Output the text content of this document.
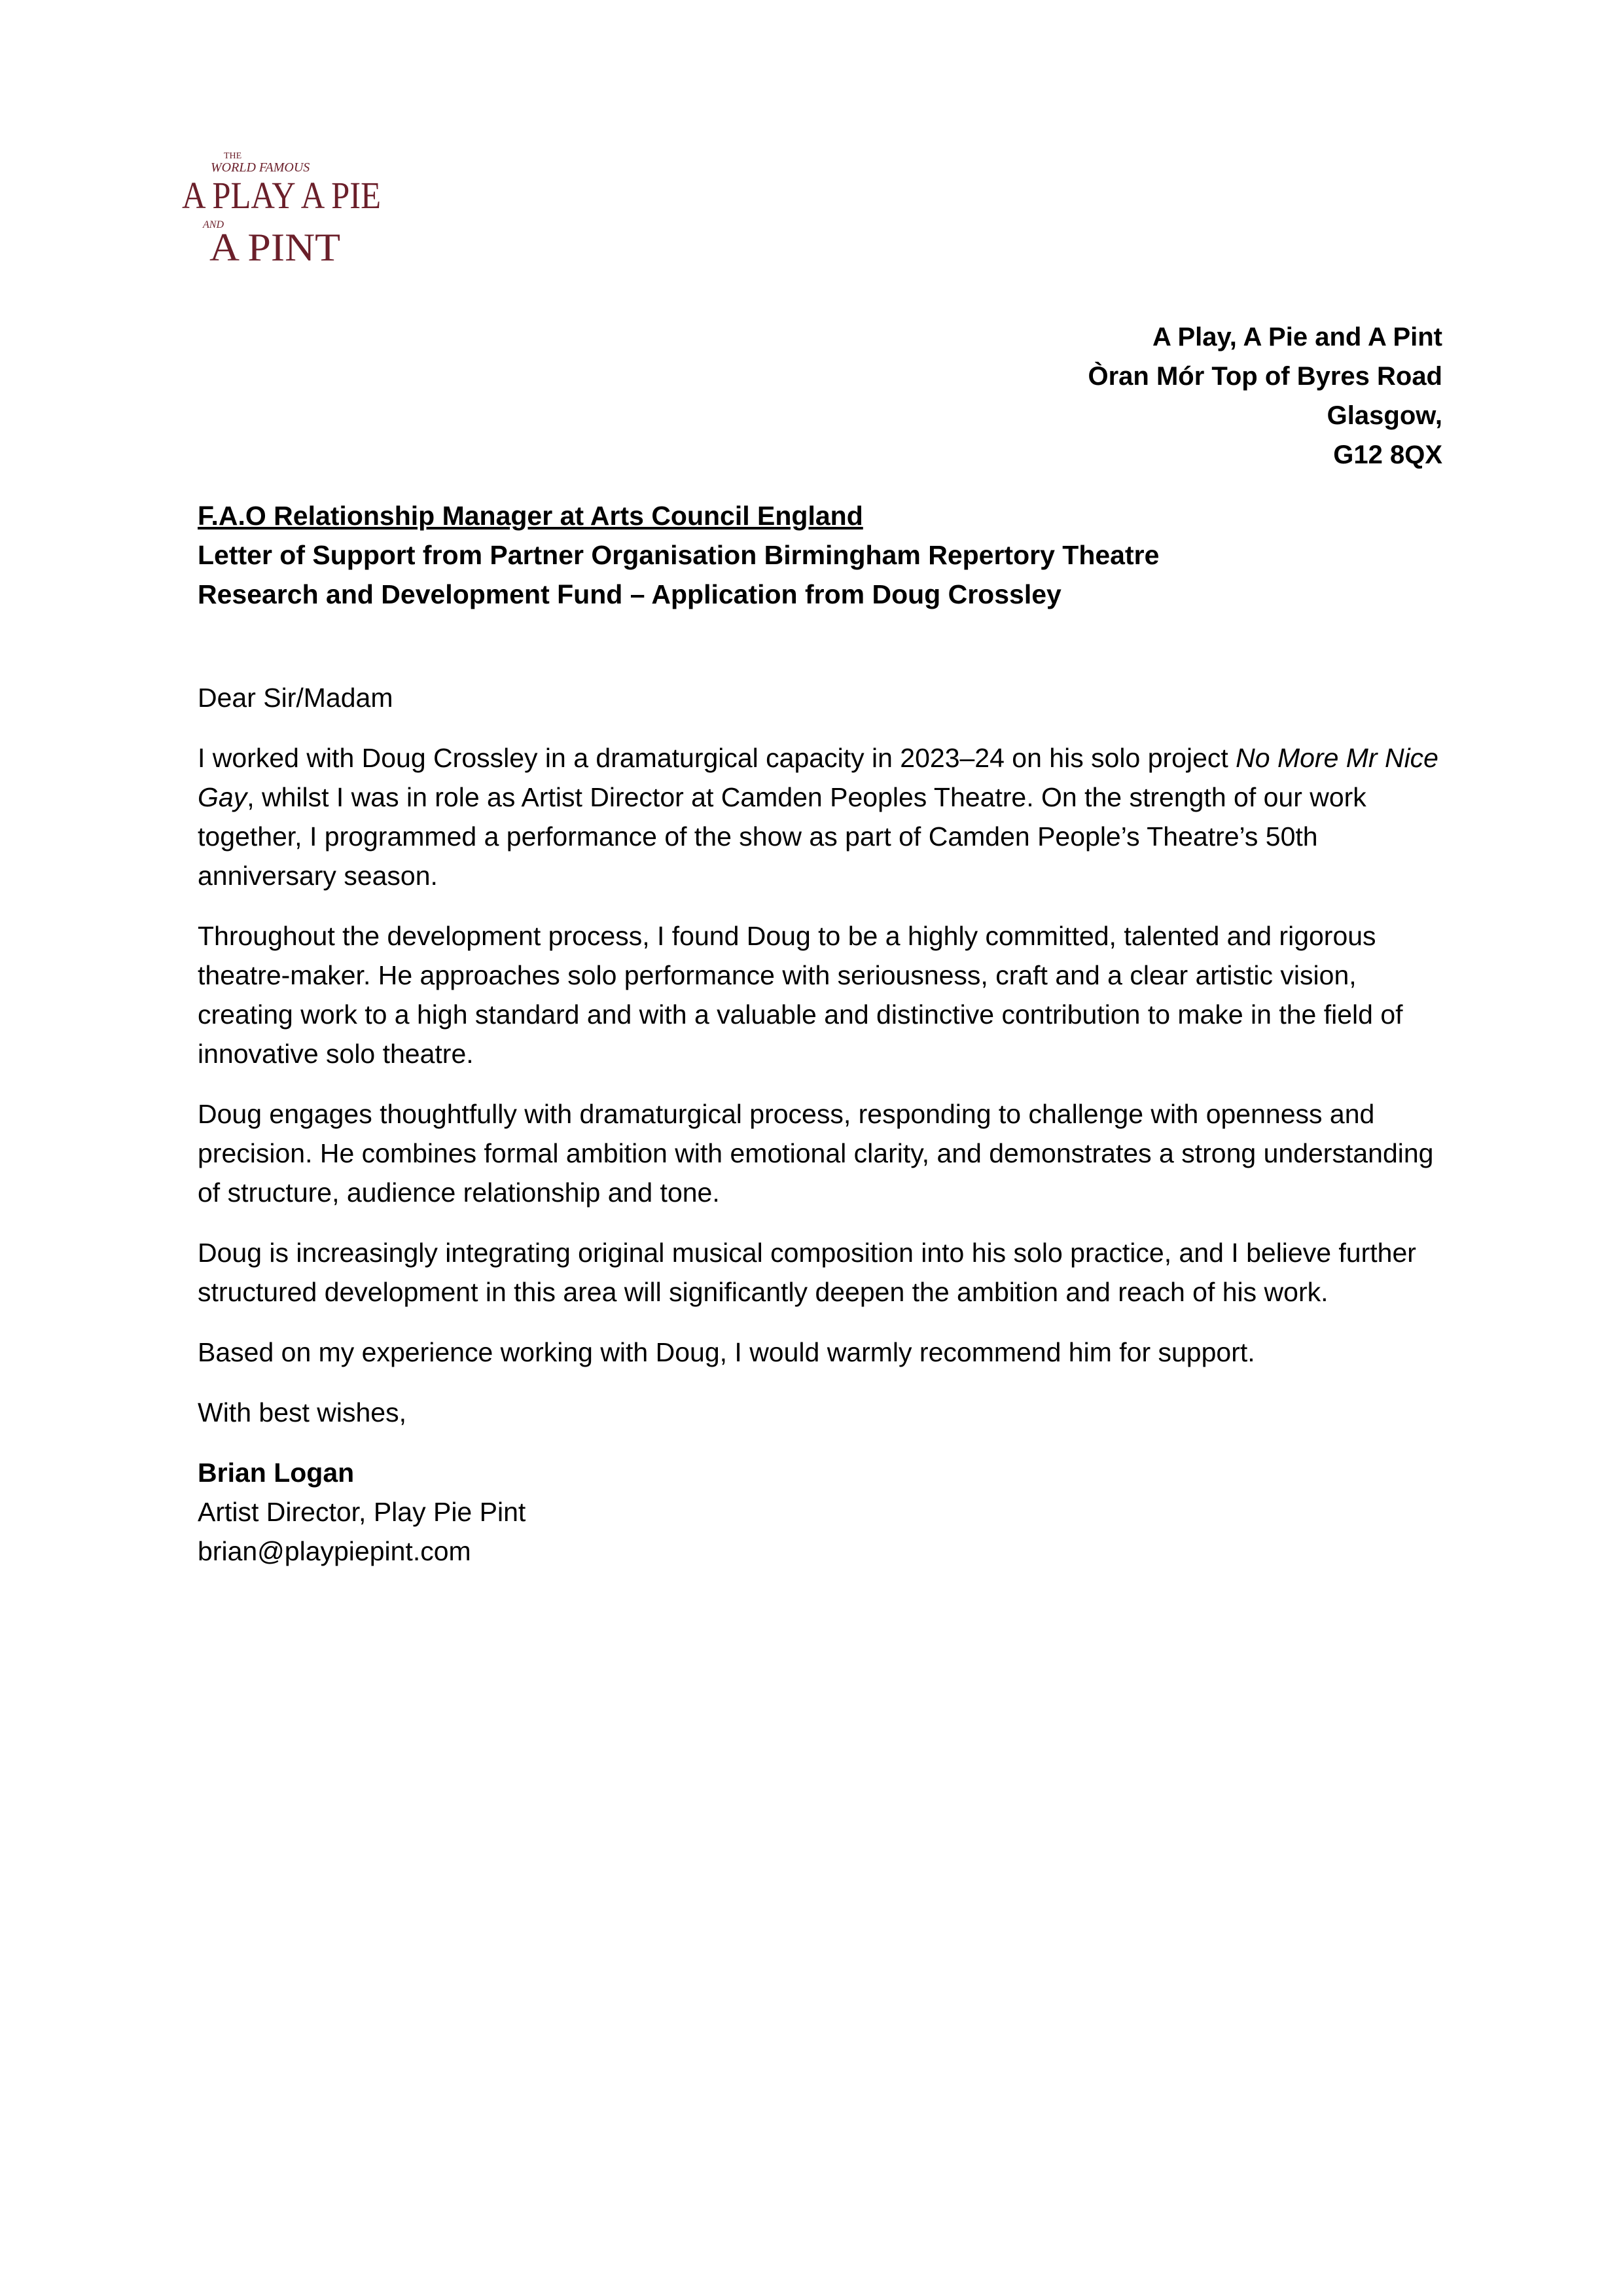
THE
WORLD FAMOUS
A PLAY A PIE
AND
A PINT
A Play, A Pie and A Pint
Òran Mór Top of Byres Road
Glasgow,
G12 8QX
F.A.O Relationship Manager at Arts Council England
Letter of Support from Partner Organisation Birmingham Repertory Theatre
Research and Development Fund – Application from Doug Crossley
Dear Sir/Madam

I worked with Doug Crossley in a dramaturgical capacity in 2023–24 on his solo project No More Mr Nice Gay, whilst I was in role as Artist Director at Camden Peoples Theatre. On the strength of our work together, I programmed a performance of the show as part of Camden People’s Theatre’s 50th anniversary season.

Throughout the development process, I found Doug to be a highly committed, talented and rigorous theatre-maker. He approaches solo performance with seriousness, craft and a clear artistic vision, creating work to a high standard and with a valuable and distinctive contribution to make in the field of innovative solo theatre.

Doug engages thoughtfully with dramaturgical process, responding to challenge with openness and precision. He combines formal ambition with emotional clarity, and demonstrates a strong understanding of structure, audience relationship and tone.

Doug is increasingly integrating original musical composition into his solo practice, and I believe further structured development in this area will significantly deepen the ambition and reach of his work.

Based on my experience working with Doug, I would warmly recommend him for support.

With best wishes,
Brian Logan
Artist Director, Play Pie Pint
brian@playpiepint.com
